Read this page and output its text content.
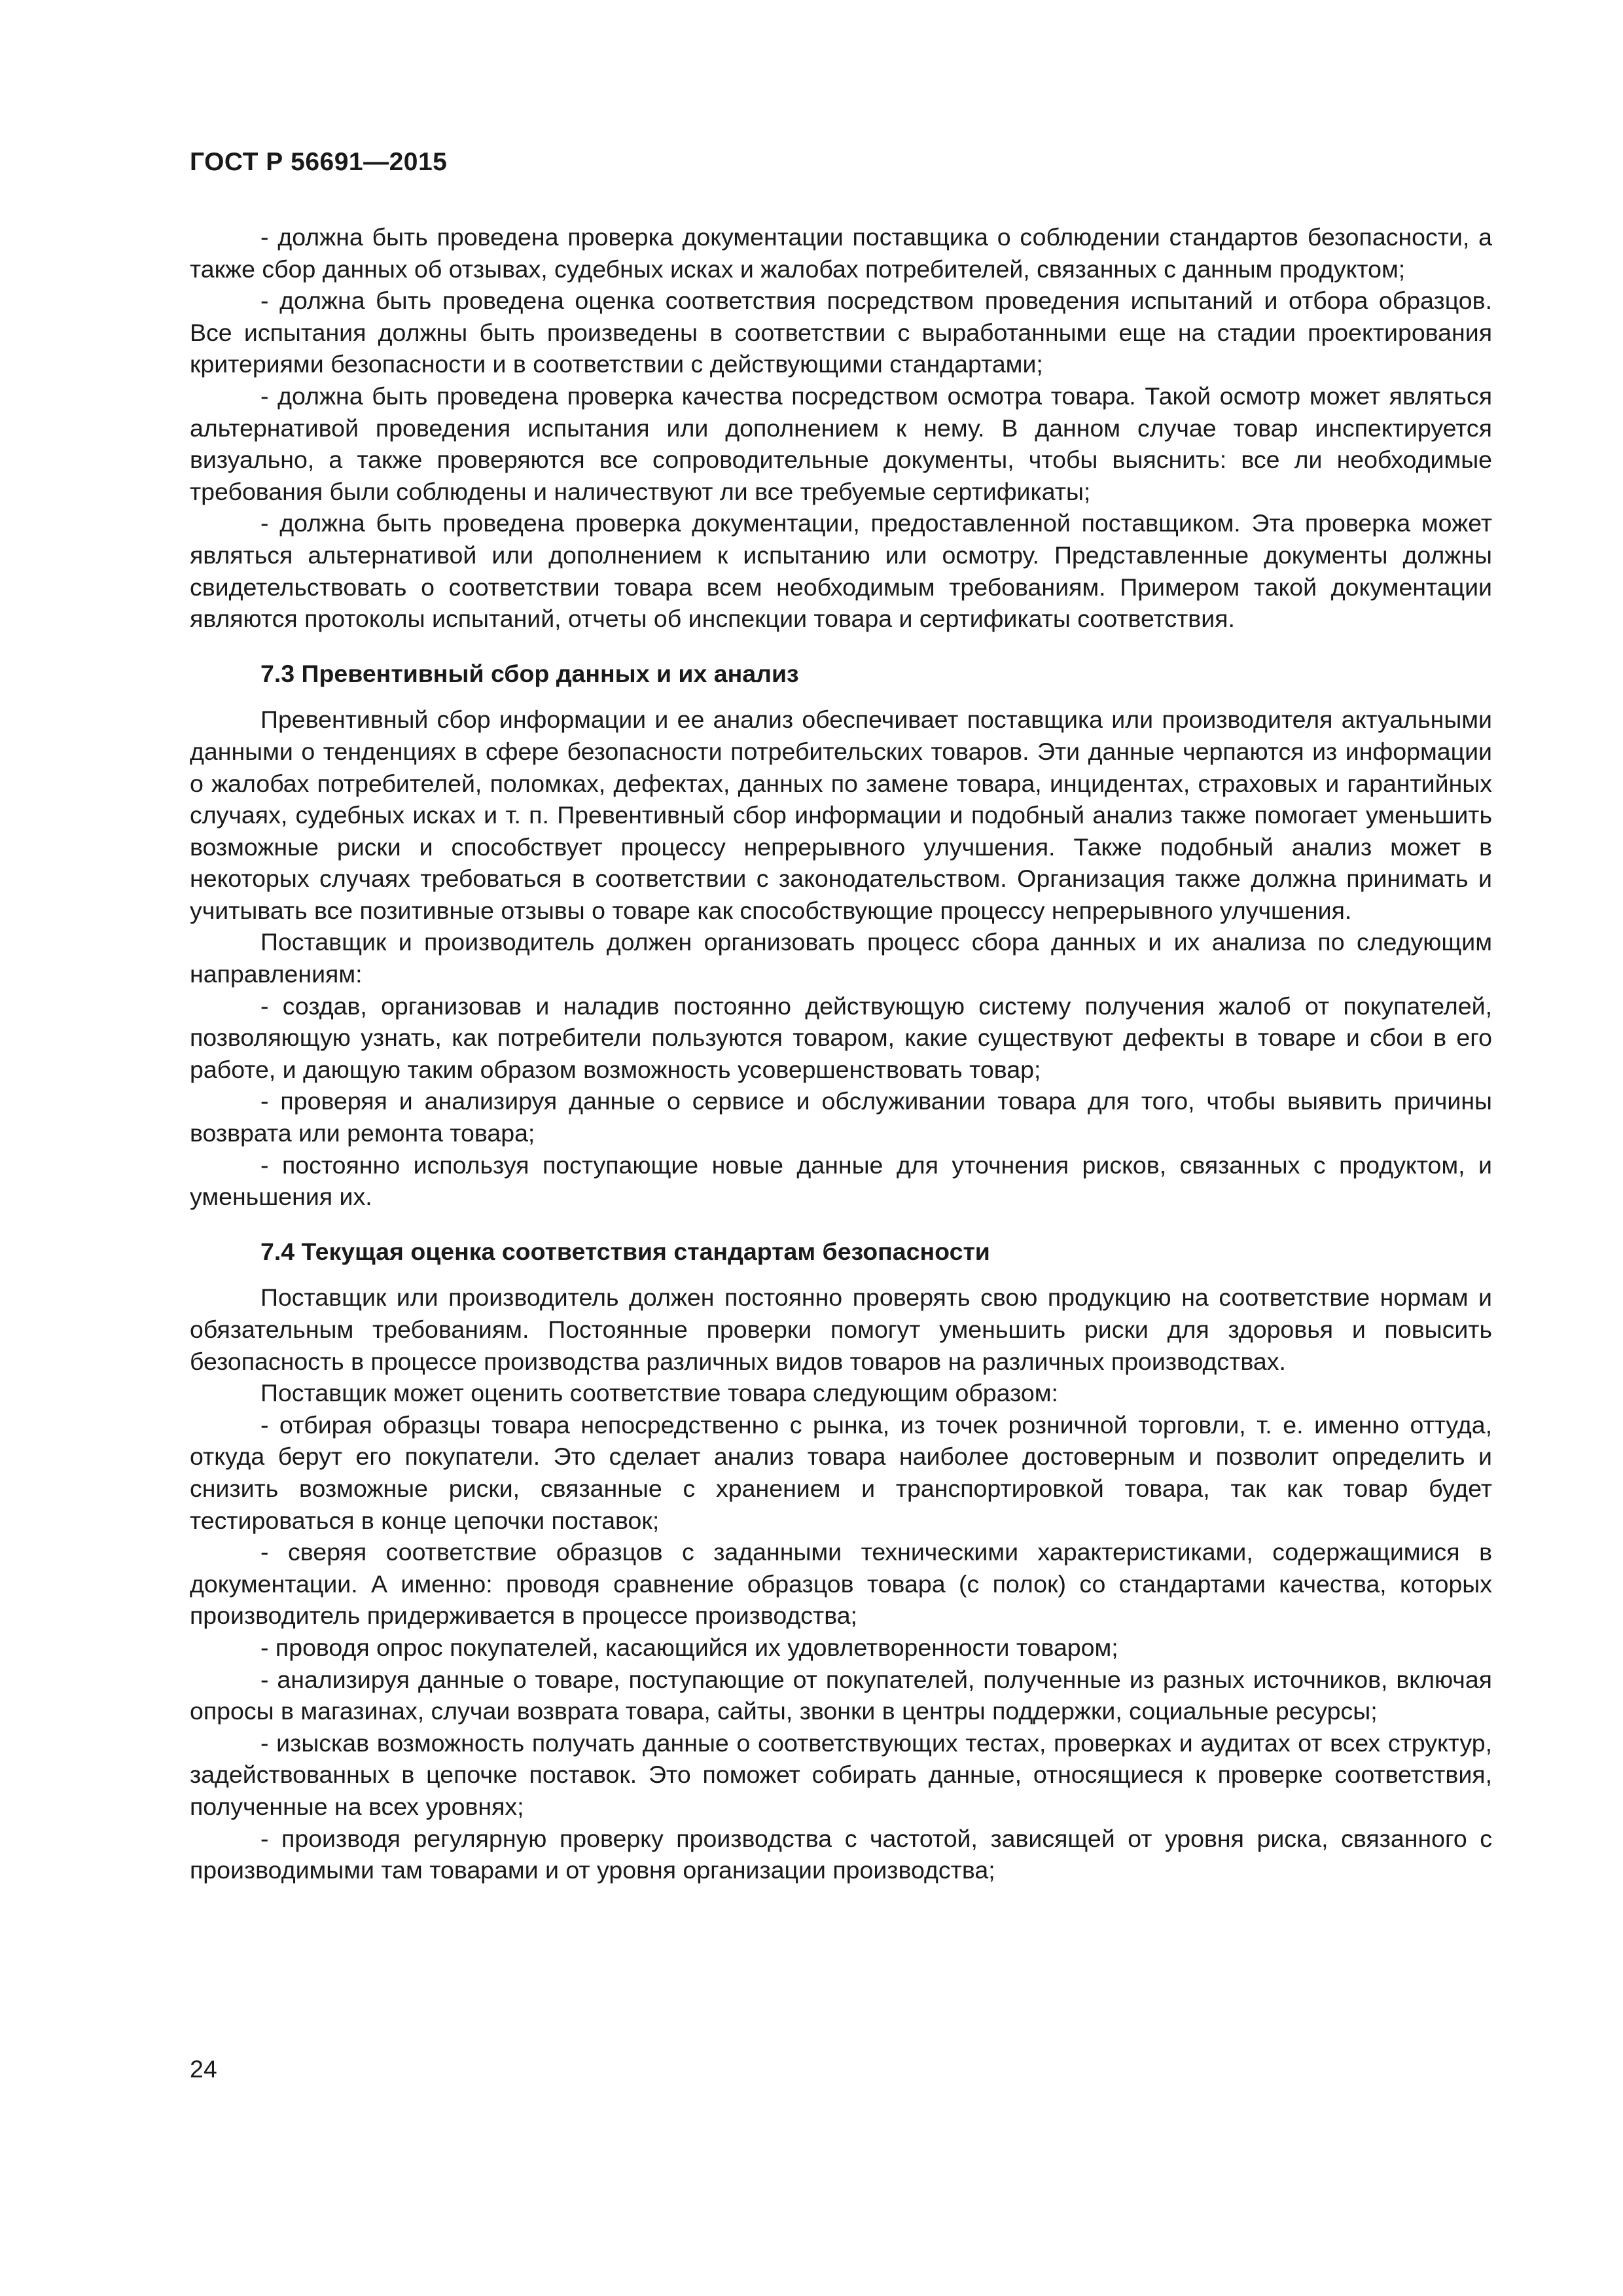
ГОСТ Р 56691—2015

- должна быть проведена проверка документации поставщика о соблюдении стандартов безопасности, а также сбор данных об отзывах, судебных исках и жалобах потребителей, связанных с данным продуктом;

- должна быть проведена оценка соответствия посредством проведения испытаний и отбора образцов. Все испытания должны быть произведены в соответствии с выработанными еще на стадии проектирования критериями безопасности и в соответствии с действующими стандартами;

- должна быть проведена проверка качества посредством осмотра товара. Такой осмотр может являться альтернативой проведения испытания или дополнением к нему. В данном случае товар инспектируется визуально, а также проверяются все сопроводительные документы, чтобы выяснить: все ли необходимые требования были соблюдены и наличествуют ли все требуемые сертификаты;

- должна быть проведена проверка документации, предоставленной поставщиком. Эта проверка может являться альтернативой или дополнением к испытанию или осмотру. Представленные документы должны свидетельствовать о соответствии товара всем необходимым требованиям. Примером такой документации являются протоколы испытаний, отчеты об инспекции товара и сертификаты соответствия.

7.3 Превентивный сбор данных и их анализ

Превентивный сбор информации и ее анализ обеспечивает поставщика или производителя актуальными данными о тенденциях в сфере безопасности потребительских товаров. Эти данные черпаются из информации о жалобах потребителей, поломках, дефектах, данных по замене товара, инцидентах, страховых и гарантийных случаях, судебных исках и т. п. Превентивный сбор информации и подобный анализ также помогает уменьшить возможные риски и способствует процессу непрерывного улучшения. Также подобный анализ может в некоторых случаях требоваться в соответствии с законодательством. Организация также должна принимать и учитывать все позитивные отзывы о товаре как способствующие процессу непрерывного улучшения.

Поставщик и производитель должен организовать процесс сбора данных и их анализа по следующим направлениям:

- создав, организовав и наладив постоянно действующую систему получения жалоб от покупателей, позволяющую узнать, как потребители пользуются товаром, какие существуют дефекты в товаре и сбои в его работе, и дающую таким образом возможность усовершенствовать товар;

- проверяя и анализируя данные о сервисе и обслуживании товара для того, чтобы выявить причины возврата или ремонта товара;

- постоянно используя поступающие новые данные для уточнения рисков, связанных с продуктом, и уменьшения их.

7.4 Текущая оценка соответствия стандартам безопасности

Поставщик или производитель должен постоянно проверять свою продукцию на соответствие нормам и обязательным требованиям. Постоянные проверки помогут уменьшить риски для здоровья и повысить безопасность в процессе производства различных видов товаров на различных производствах.

Поставщик может оценить соответствие товара следующим образом:

- отбирая образцы товара непосредственно с рынка, из точек розничной торговли, т. е. именно оттуда, откуда берут его покупатели. Это сделает анализ товара наиболее достоверным и позволит определить и снизить возможные риски, связанные с хранением и транспортировкой товара, так как товар будет тестироваться в конце цепочки поставок;

- сверяя соответствие образцов с заданными техническими характеристиками, содержащимися в документации. А именно: проводя сравнение образцов товара (с полок) со стандартами качества, которых производитель придерживается в процессе производства;

- проводя опрос покупателей, касающийся их удовлетворенности товаром;

- анализируя данные о товаре, поступающие от покупателей, полученные из разных источников, включая опросы в магазинах, случаи возврата товара, сайты, звонки в центры поддержки, социальные ресурсы;

- изыскав возможность получать данные о соответствующих тестах, проверках и аудитах от всех структур, задействованных в цепочке поставок. Это поможет собирать данные, относящиеся к проверке соответствия, полученные на всех уровнях;

- производя регулярную проверку производства с частотой, зависящей от уровня риска, связанного с производимыми там товарами и от уровня организации производства;

24
